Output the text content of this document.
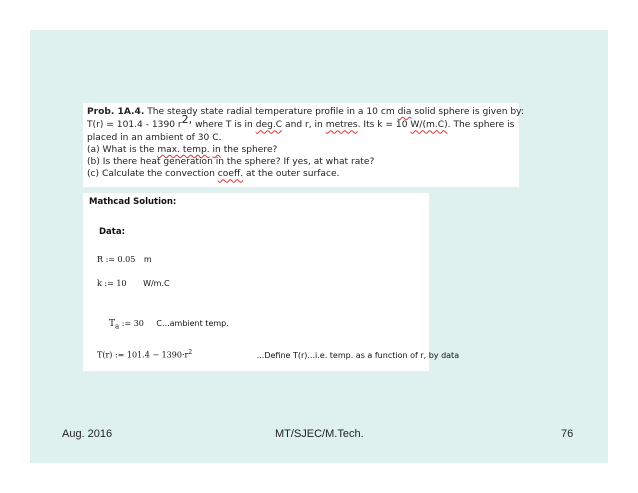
Prob. 1A.4. The steady state radial temperature profile in a 10 cm dia solid sphere is given by:
T(r) = 101.4 - 1390 r2, where T is in deg.C and r, in metres. Its k = 10 W/(m.C). The sphere is
placed in an ambient of 30 C.
(a) What is the max. temp. in the sphere?
(b) Is there heat generation in the sphere? If yes, at what rate?
(c) Calculate the convection coeff. at the outer surface.
Mathcad Solution:
Data:
R := 0.05 m
k := 10 W/m.C
$T_a$ := 30 C...ambient temp.
T(r) := $101.4 - 1390\cdot r^2$	...Define T(r)...i.e. temp. as a function of r, by data
Aug. 2016	MT/SJEC/M.Tech.	76
